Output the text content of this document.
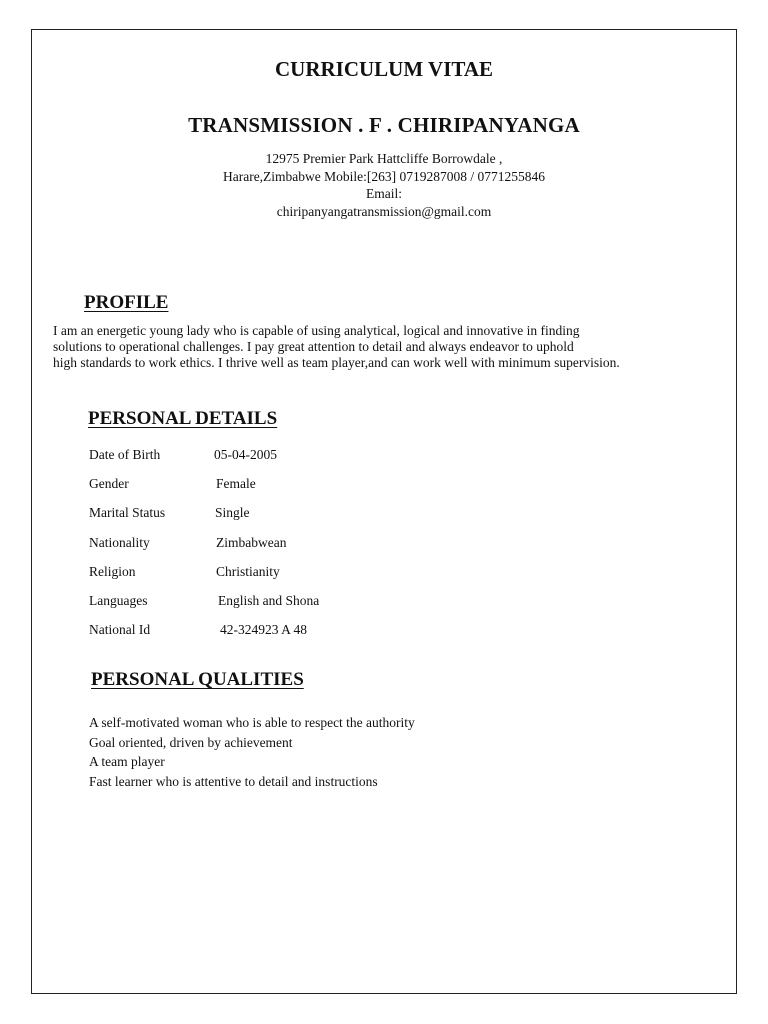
CURRICULUM VITAE
TRANSMISSION . F . CHIRIPANYANGA
12975 Premier Park Hattcliffe Borrowdale ,
Harare,Zimbabwe Mobile:[263] 0719287008 / 0771255846
Email:
chiripanyangatransmission@gmail.com
PROFILE
I am an energetic young lady who is capable of using analytical, logical and innovative in finding
solutions to operational challenges. I pay great attention to detail and always endeavor to uphold
high standards to work ethics. I thrive well as team player,and can work well with minimum supervision.
PERSONAL DETAILS
Date of Birth	05-04-2005
Gender	Female
Marital Status	Single
Nationality	Zimbabwean
Religion	Christianity
Languages	English and Shona
National Id	42-324923 A 48
PERSONAL QUALITIES
A self-motivated woman who is able to respect the authority
Goal oriented, driven by achievement
A team player
Fast learner who is attentive to detail and instructions
